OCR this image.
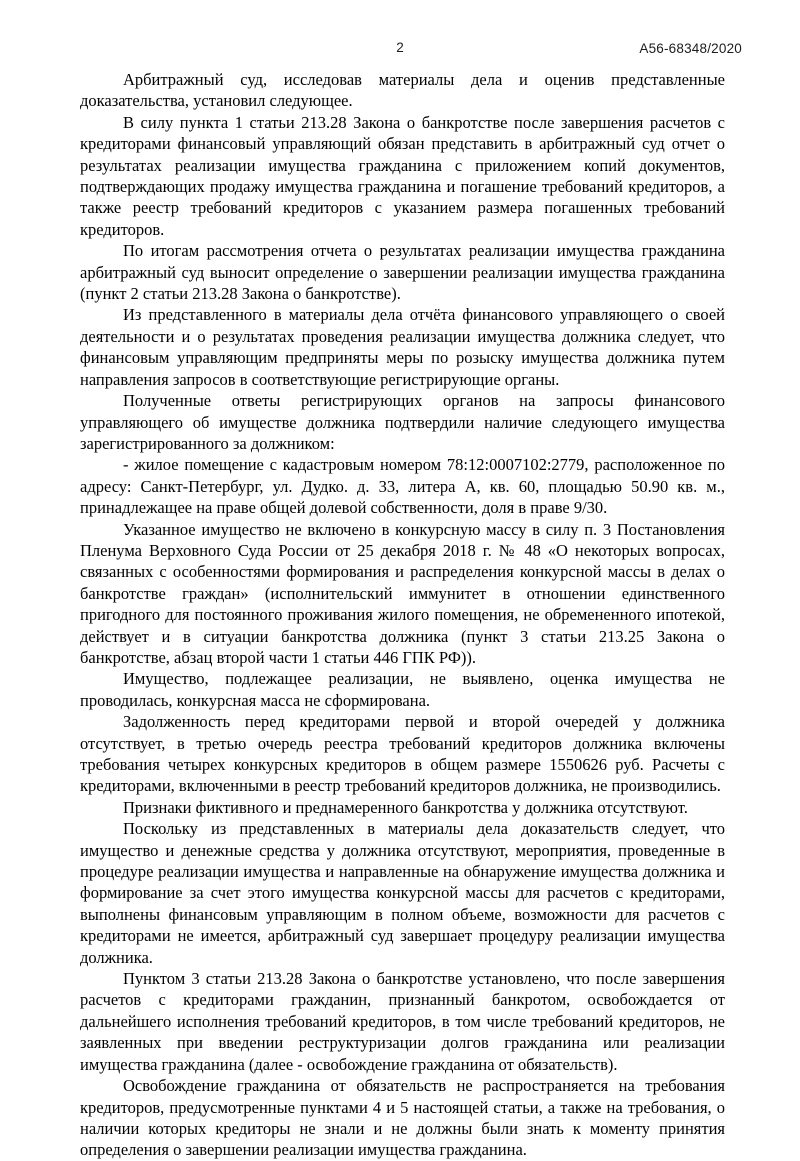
2	А56-68348/2020

Арбитражный суд, исследовав материалы дела и оценив представленные доказательства, установил следующее.

В силу пункта 1 статьи 213.28 Закона о банкротстве после завершения расчетов с кредиторами финансовый управляющий обязан представить в арбитражный суд отчет о результатах реализации имущества гражданина с приложением копий документов, подтверждающих продажу имущества гражданина и погашение требований кредиторов, а также реестр требований кредиторов с указанием размера погашенных требований кредиторов.

По итогам рассмотрения отчета о результатах реализации имущества гражданина арбитражный суд выносит определение о завершении реализации имущества гражданина (пункт 2 статьи 213.28 Закона о банкротстве).

Из представленного в материалы дела отчёта финансового управляющего о своей деятельности и о результатах проведения реализации имущества должника следует, что финансовым управляющим предприняты меры по розыску имущества должника путем направления запросов в соответствующие регистрирующие органы.

Полученные ответы регистрирующих органов на запросы финансового управляющего об имуществе должника подтвердили наличие следующего имущества зарегистрированного за должником:

- жилое помещение с кадастровым номером 78:12:0007102:2779, расположенное по адресу: Санкт-Петербург, ул. Дудко. д. 33, литера А, кв. 60, площадью 50.90 кв. м., принадлежащее на праве общей долевой собственности, доля в праве 9/30.

Указанное имущество не включено в конкурсную массу в силу п. 3 Постановления Пленума Верховного Суда России от 25 декабря 2018 г. № 48 «О некоторых вопросах, связанных с особенностями формирования и распределения конкурсной массы в делах о банкротстве граждан» (исполнительский иммунитет в отношении единственного пригодного для постоянного проживания жилого помещения, не обремененного ипотекой, действует и в ситуации банкротства должника (пункт 3 статьи 213.25 Закона о банкротстве, абзац второй части 1 статьи 446 ГПК РФ)).

Имущество, подлежащее реализации, не выявлено, оценка имущества не проводилась, конкурсная масса не сформирована.

Задолженность перед кредиторами первой и второй очередей у должника отсутствует, в третью очередь реестра требований кредиторов должника включены требования четырех конкурсных кредиторов в общем размере 1550626 руб. Расчеты с кредиторами, включенными в реестр требований кредиторов должника, не производились.

Признаки фиктивного и преднамеренного банкротства у должника отсутствуют.

Поскольку из представленных в материалы дела доказательств следует, что имущество и денежные средства у должника отсутствуют, мероприятия, проведенные в процедуре реализации имущества и направленные на обнаружение имущества должника и формирование за счет этого имущества конкурсной массы для расчетов с кредиторами, выполнены финансовым управляющим в полном объеме, возможности для расчетов с кредиторами не имеется, арбитражный суд завершает процедуру реализации имущества должника.

Пунктом 3 статьи 213.28 Закона о банкротстве установлено, что после завершения расчетов с кредиторами гражданин, признанный банкротом, освобождается от дальнейшего исполнения требований кредиторов, в том числе требований кредиторов, не заявленных при введении реструктуризации долгов гражданина или реализации имущества гражданина (далее - освобождение гражданина от обязательств).

Освобождение гражданина от обязательств не распространяется на требования кредиторов, предусмотренные пунктами 4 и 5 настоящей статьи, а также на требования, о наличии которых кредиторы не знали и не должны были знать к моменту принятия определения о завершении реализации имущества гражданина.
